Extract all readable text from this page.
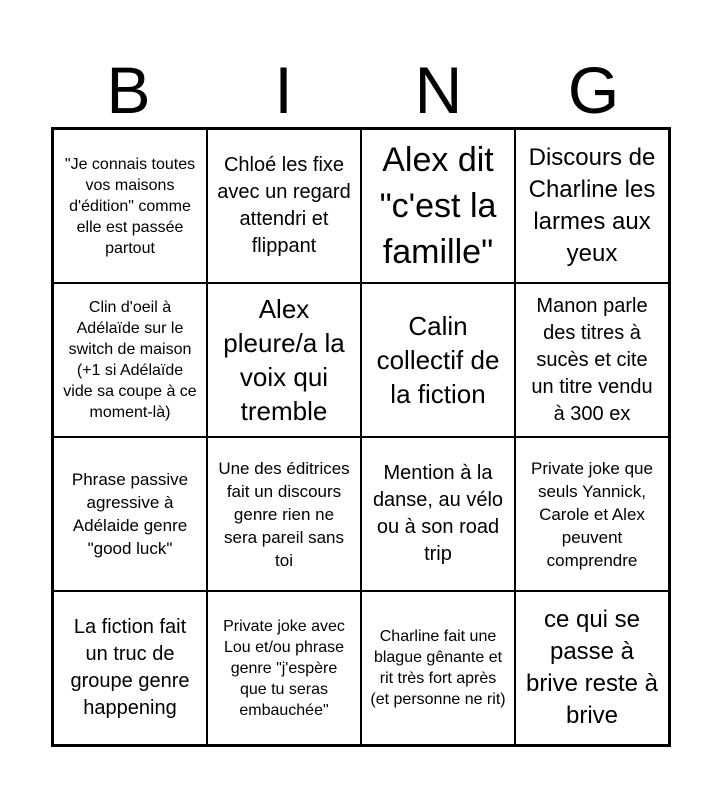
B	I	N	G
"Je connais toutes vos maisons d'édition" comme elle est passée partout
Chloé les fixe avec un regard attendri et flippant
Alex dit "c'est la famille"
Discours de Charline les larmes aux yeux
Clin d'oeil à Adélaïde sur le switch de maison (+1 si Adélaïde vide sa coupe à ce moment-là)
Alex pleure/a la voix qui tremble
Calin collectif de la fiction
Manon parle des titres à sucès et cite un titre vendu à 300 ex
Phrase passive agressive à Adélaide genre "good luck"
Une des éditrices fait un discours genre rien ne sera pareil sans toi
Mention à la danse, au vélo ou à son road trip
Private joke que seuls Yannick, Carole et Alex peuvent comprendre
La fiction fait un truc de groupe genre happening
Private joke avec Lou et/ou phrase genre "j'espère que tu seras embauchée"
Charline fait une blague gênante et rit très fort après (et personne ne rit)
ce qui se passe à brive reste à brive
